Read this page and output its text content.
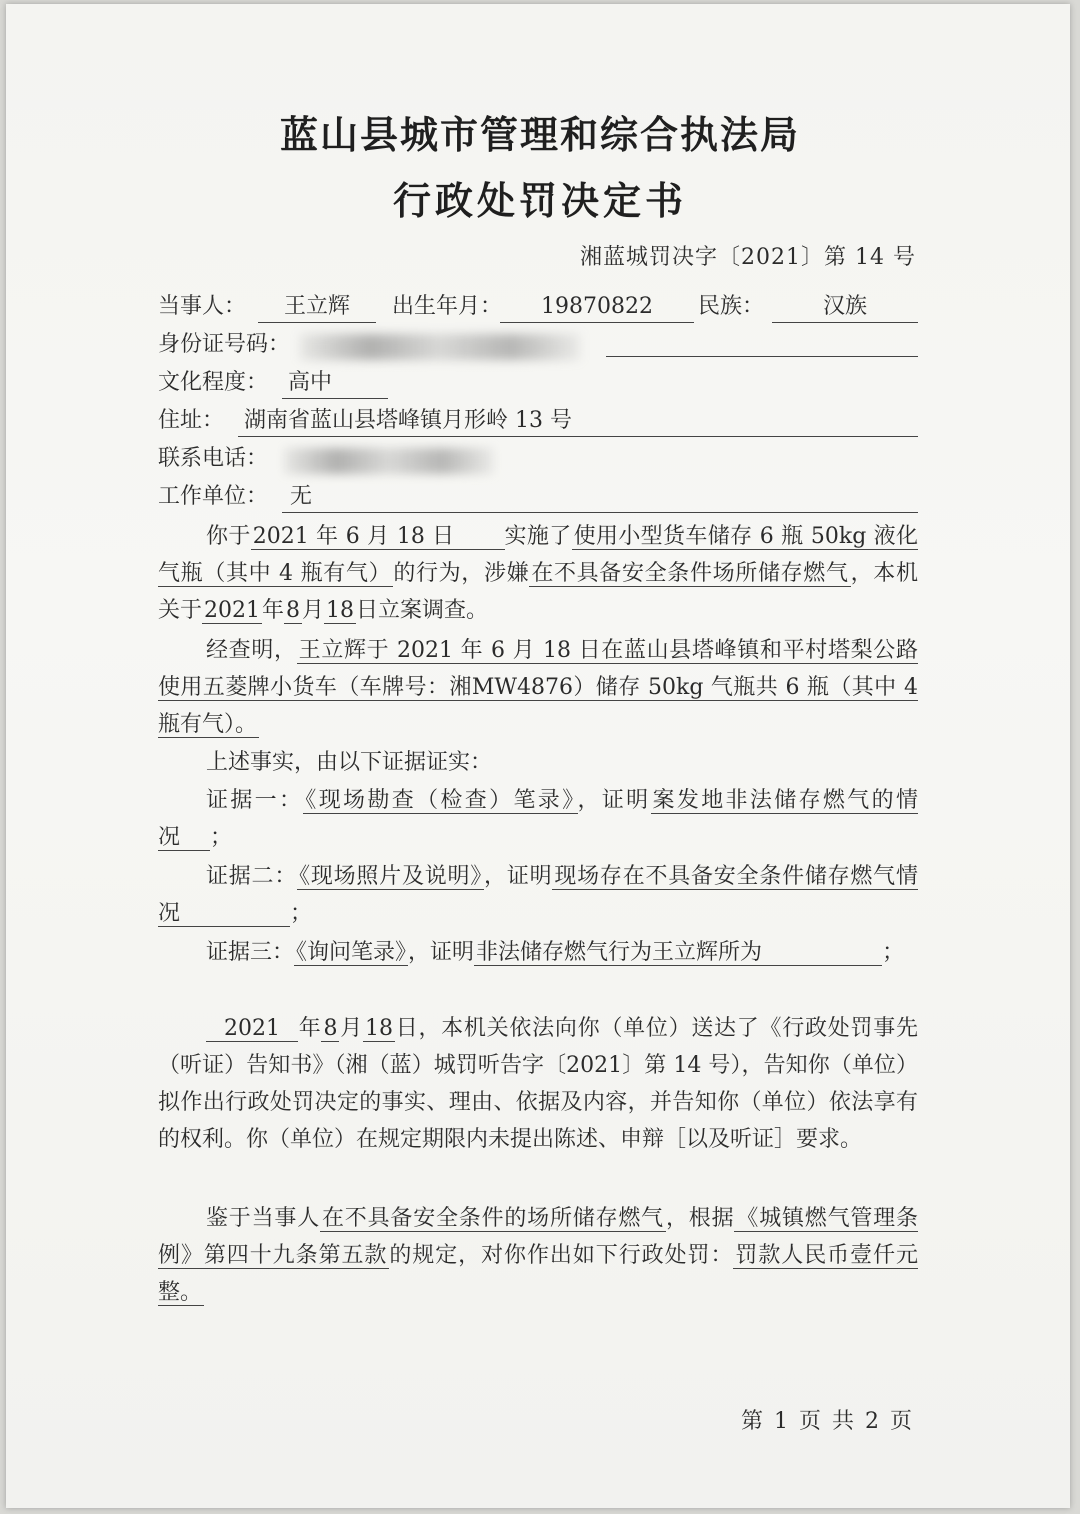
蓝山县城市管理和综合执法局
行政处罚决定书
湘蓝城罚决字〔2021〕第 14 号
当事人：	王立辉	出生年月：	19870822	民族：	汉族
身份证号码：
文化程度： 高中
住址： 湖南省蓝山县塔峰镇月形岭 13 号
联系电话：
工作单位： 无
你于2021 年 6 月 18 日 实施了使用小型货车储存 6 瓶 50kg 液化气瓶（其中 4 瓶有气）的行为，涉嫌在不具备安全条件场所储存燃气，本机关于2021年8月18日立案调查。
经查明，王立辉于 2021 年 6 月 18 日在蓝山县塔峰镇和平村塔梨公路使用五菱牌小货车（车牌号：湘MW4876）储存 50kg 气瓶共 6 瓶（其中 4 瓶有气）。
上述事实，由以下证据证实：
证据一：《现场勘查（检查）笔录》，证明案发地非法储存燃气的情况 ；
证据二：《现场照片及说明》，证明现场存在不具备安全条件储存燃气情况	；
证据三：《询问笔录》，证明非法储存燃气行为王立辉所为	；
2021 年8月18日，本机关依法向你（单位）送达了《行政处罚事先（听证）告知书》（湘（蓝）城罚听告字〔2021〕第 14 号），告知你（单位）拟作出行政处罚决定的事实、理由、依据及内容，并告知你（单位）依法享有的权利。你（单位）在规定期限内未提出陈述、申辩［以及听证］要求。
鉴于当事人在不具备安全条件的场所储存燃气，根据《城镇燃气管理条例》第四十九条第五款的规定，对你作出如下行政处罚：罚款人民币壹仟元整。
第 1 页 共 2 页
